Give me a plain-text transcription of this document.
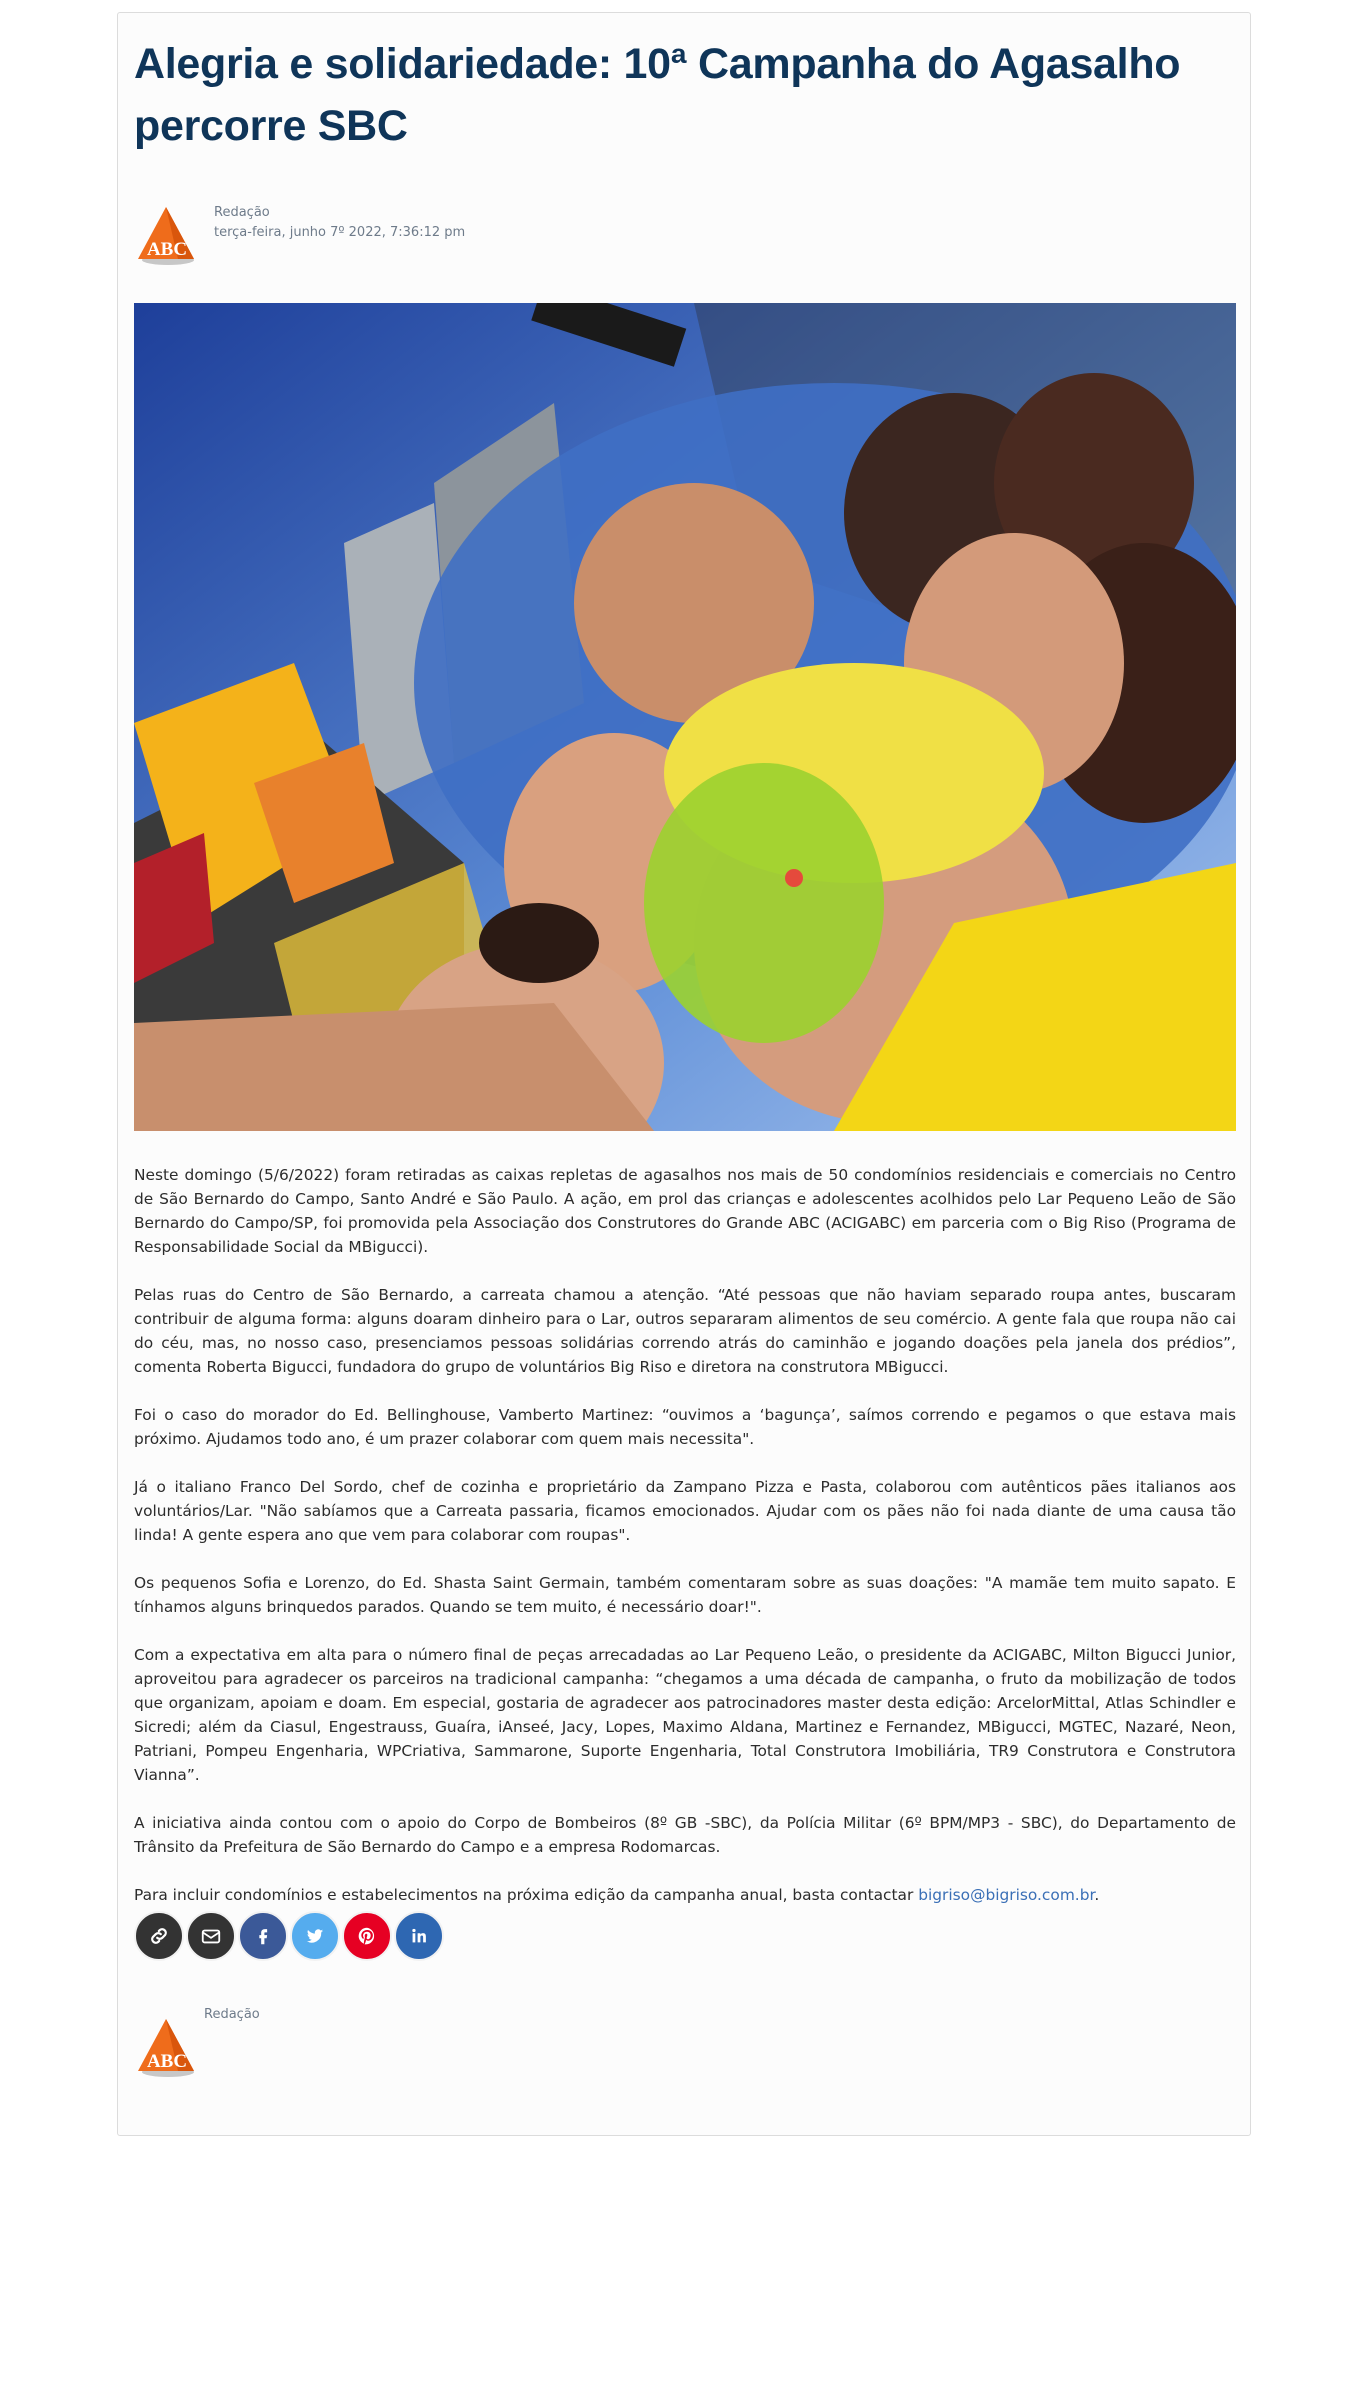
Alegria e solidariedade: 10ª Campanha do Agasalho percorre SBC
ABC
Redação
terça-feira, junho 7º 2022, 7:36:12 pm

Neste domingo (5/6/2022) foram retiradas as caixas repletas de agasalhos nos mais de 50 condomínios residenciais e comerciais no Centro de São Bernardo do Campo, Santo André e São Paulo. A ação, em prol das crianças e adolescentes acolhidos pelo Lar Pequeno Leão de São Bernardo do Campo/SP, foi promovida pela Associação dos Construtores do Grande ABC (ACIGABC) em parceria com o Big Riso (Programa de Responsabilidade Social da MBigucci).

Pelas ruas do Centro de São Bernardo, a carreata chamou a atenção. “Até pessoas que não haviam separado roupa antes, buscaram contribuir de alguma forma: alguns doaram dinheiro para o Lar, outros separaram alimentos de seu comércio. A gente fala que roupa não cai do céu, mas, no nosso caso, presenciamos pessoas solidárias correndo atrás do caminhão e jogando doações pela janela dos prédios”, comenta Roberta Bigucci, fundadora do grupo de voluntários Big Riso e diretora na construtora MBigucci.

Foi o caso do morador do Ed. Bellinghouse, Vamberto Martinez: “ouvimos a ‘bagunça’, saímos correndo e pegamos o que estava mais próximo. Ajudamos todo ano, é um prazer colaborar com quem mais necessita".

Já o italiano Franco Del Sordo, chef de cozinha e proprietário da Zampano Pizza e Pasta, colaborou com autênticos pães italianos aos voluntários/Lar. "Não sabíamos que a Carreata passaria, ficamos emocionados. Ajudar com os pães não foi nada diante de uma causa tão linda! A gente espera ano que vem para colaborar com roupas".

Os pequenos Sofia e Lorenzo, do Ed. Shasta Saint Germain, também comentaram sobre as suas doações: "A mamãe tem muito sapato. E tínhamos alguns brinquedos parados. Quando se tem muito, é necessário doar!".

Com a expectativa em alta para o número final de peças arrecadadas ao Lar Pequeno Leão, o presidente da ACIGABC, Milton Bigucci Junior, aproveitou para agradecer os parceiros na tradicional campanha: “chegamos a uma década de campanha, o fruto da mobilização de todos que organizam, apoiam e doam. Em especial, gostaria de agradecer aos patrocinadores master desta edição: ArcelorMittal, Atlas Schindler e Sicredi; além da Ciasul, Engestrauss, Guaíra, iAnseé, Jacy, Lopes, Maximo Aldana, Martinez e Fernandez, MBigucci, MGTEC, Nazaré, Neon, Patriani, Pompeu Engenharia, WPCriativa, Sammarone, Suporte Engenharia, Total Construtora Imobiliária, TR9 Construtora e Construtora Vianna”.

A iniciativa ainda contou com o apoio do Corpo de Bombeiros (8º GB -SBC), da Polícia Militar (6º BPM/MP3 - SBC), do Departamento de Trânsito da Prefeitura de São Bernardo do Campo e a empresa Rodomarcas.

Para incluir condomínios e estabelecimentos na próxima edição da campanha anual, basta contactar bigriso@bigriso.com.br.

ABC
Redação
